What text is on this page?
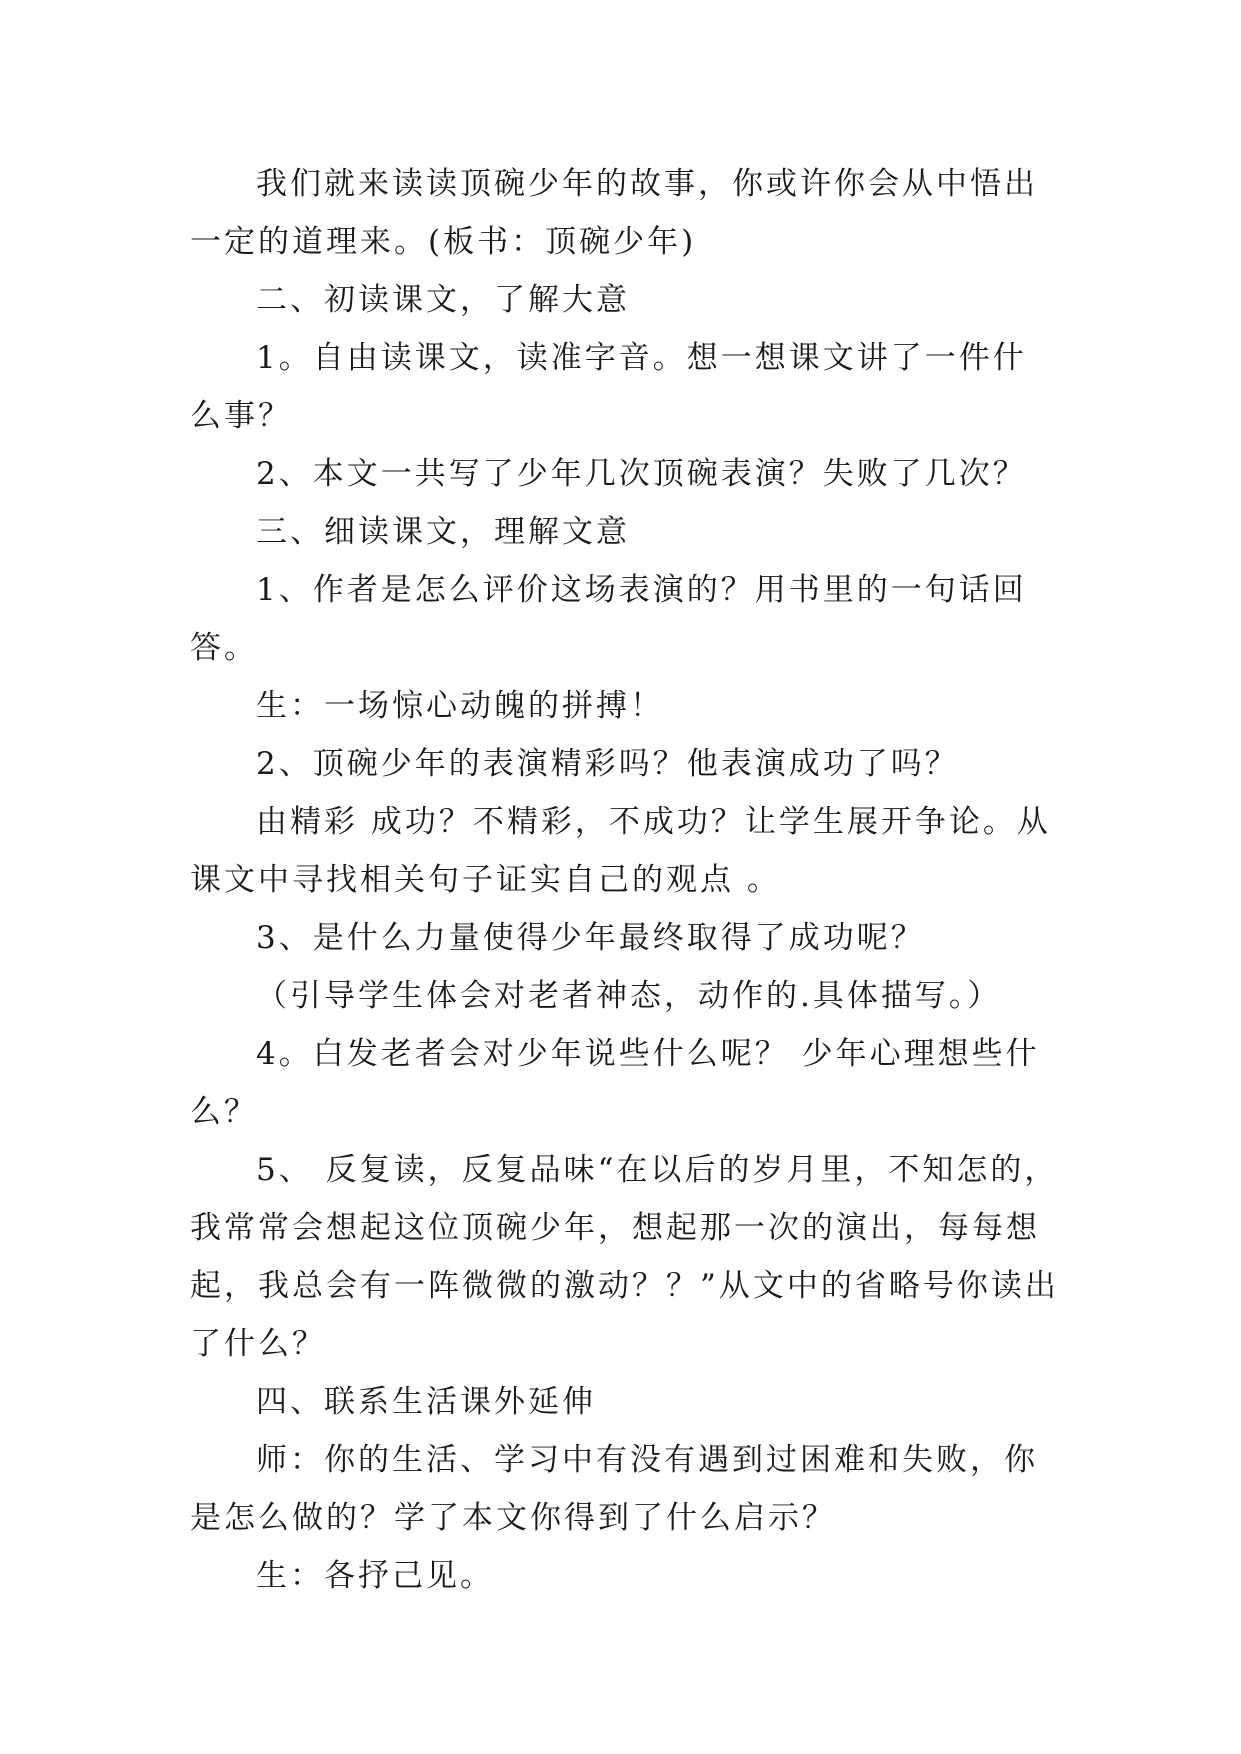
我们就来读读顶碗少年的故事，你或许你会从中悟出一定的道理来。(板书：顶碗少年)

二、初读课文，了解大意

1。自由读课文，读准字音。想一想课文讲了一件什么事？

2、本文一共写了少年几次顶碗表演？失败了几次？

三、细读课文，理解文意

1、作者是怎么评价这场表演的？用书里的一句话回答。

生：一场惊心动魄的拼搏！

2、顶碗少年的表演精彩吗？他表演成功了吗？

由精彩 成功？不精彩，不成功？让学生展开争论。从课文中寻找相关句子证实自己的观点 。

3、是什么力量使得少年最终取得了成功呢？

（引导学生体会对老者神态，动作的.具体描写。）

4。白发老者会对少年说些什么呢？ 少年心理想些什么？

5、 反复读，反复品味“在以后的岁月里，不知怎的，我常常会想起这位顶碗少年，想起那一次的演出，每每想起，我总会有一阵微微的激动？？”从文中的省略号你读出了什么？

四、联系生活课外延伸

师：你的生活、学习中有没有遇到过困难和失败，你是怎么做的？学了本文你得到了什么启示？

生：各抒己见。
